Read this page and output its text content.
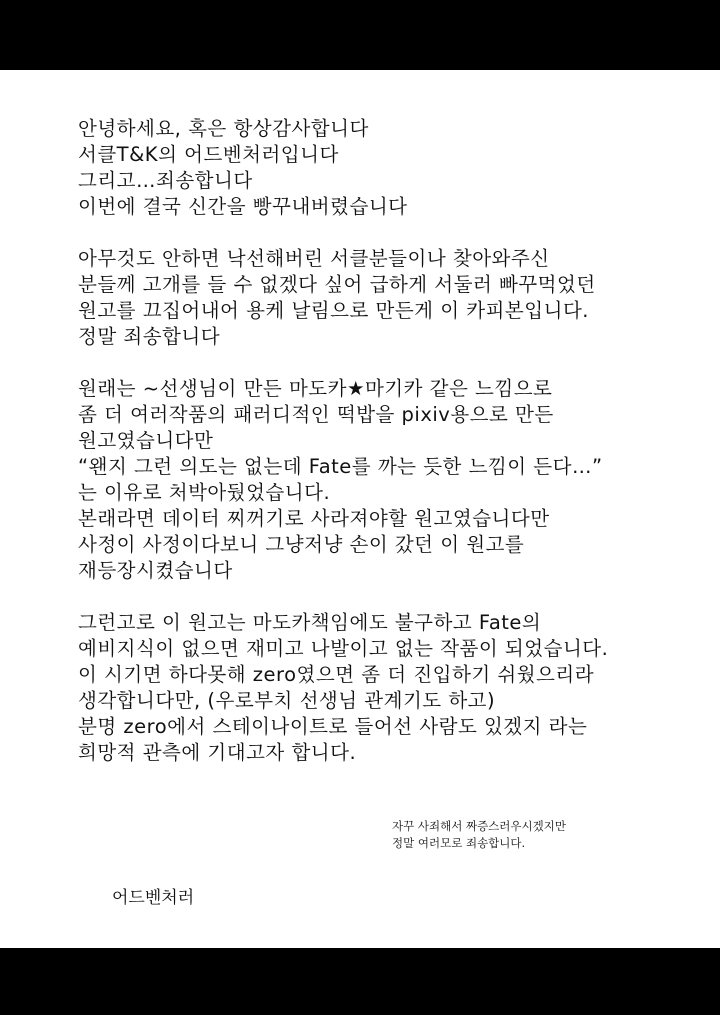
안녕하세요, 혹은 항상감사합니다
서클T&K의 어드벤처러입니다
그리고…죄송합니다
이번에 결국 신간을 빵꾸내버렸습니다

아무것도 안하면 낙선해버린 서클분들이나 찾아와주신
분들께 고개를 들 수 없겠다 싶어 급하게 서둘러 빠꾸먹었던
원고를 끄집어내어 용케 날림으로 만든게 이 카피본입니다.
정말 죄송합니다

원래는 ~선생님이 만든 마도카★마기카 같은 느낌으로
좀 더 여러작품의 패러디적인 떡밥을 pixiv용으로 만든
원고였습니다만
“왠지 그런 의도는 없는데 Fate를 까는 듯한 느낌이 든다…”
는 이유로 처박아뒀었습니다.
본래라면 데이터 찌꺼기로 사라져야할 원고였습니다만
사정이 사정이다보니 그냥저냥 손이 갔던 이 원고를
재등장시켰습니다

그런고로 이 원고는 마도카책임에도 불구하고 Fate의
예비지식이 없으면 재미고 나발이고 없는 작품이 되었습니다.
이 시기면 하다못해 zero였으면 좀 더 진입하기 쉬웠으리라
생각합니다만, (우로부치 선생님 관계기도 하고)
분명 zero에서 스테이나이트로 들어선 사람도 있겠지 라는
희망적 관측에 기대고자 합니다.

자꾸 사죄해서 짜증스러우시겠지만
정말 여러모로 죄송합니다.
어드벤처러
